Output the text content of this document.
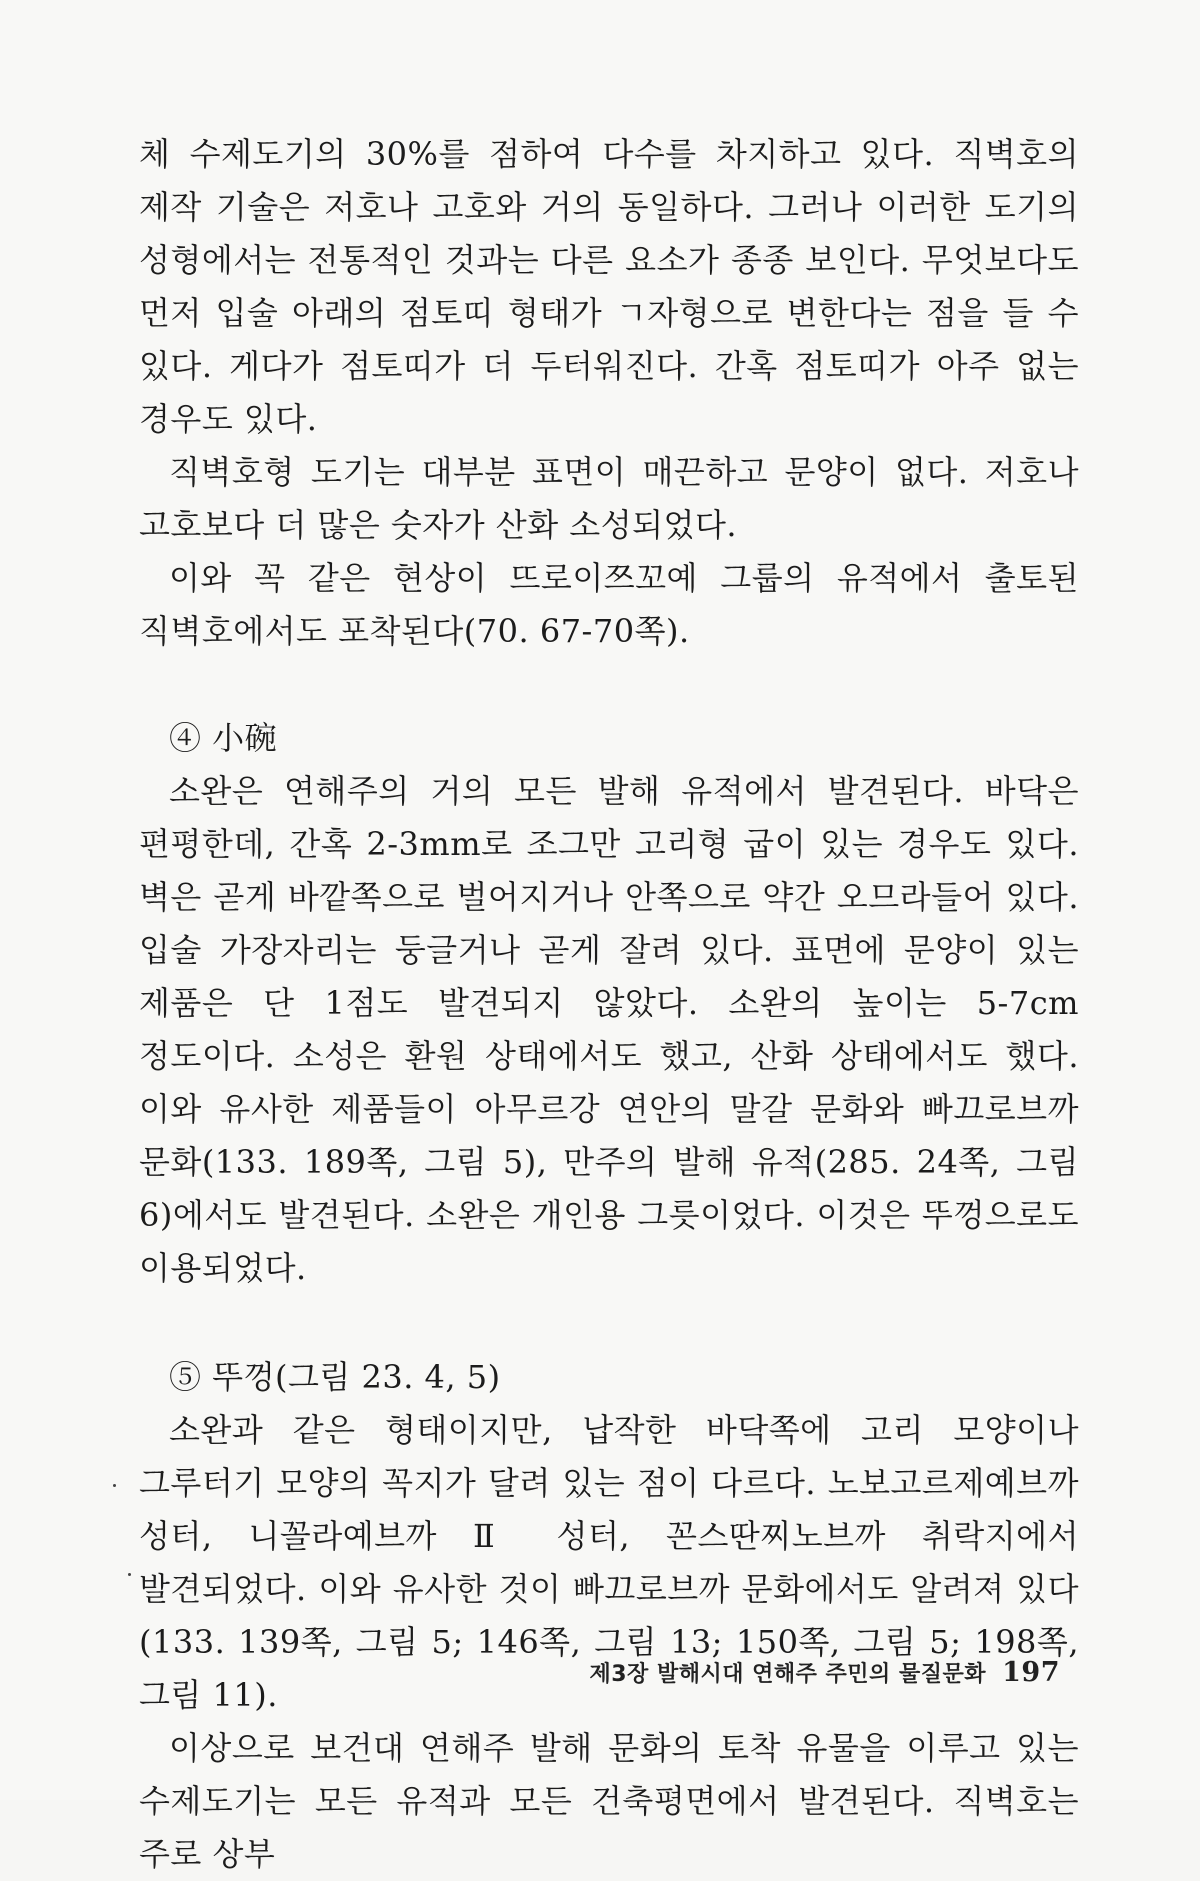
체 수제도기의 30%를 점하여 다수를 차지하고 있다. 직벽호의 제작 기술은 저호나 고호와 거의 동일하다. 그러나 이러한 도기의 성형에서는 전통적인 것과는 다른 요소가 종종 보인다. 무엇보다도 먼저 입술 아래의 점토띠 형태가 ㄱ자형으로 변한다는 점을 들 수 있다. 게다가 점토띠가 더 두터워진다. 간혹 점토띠가 아주 없는 경우도 있다.

직벽호형 도기는 대부분 표면이 매끈하고 문양이 없다. 저호나 고호보다 더 많은 숫자가 산화 소성되었다.

이와 꼭 같은 현상이 뜨로이쯔꼬예 그룹의 유적에서 출토된 직벽호에서도 포착된다(70. 67-70쪽).

④ 小碗

소완은 연해주의 거의 모든 발해 유적에서 발견된다. 바닥은 편평한데, 간혹 2-3mm로 조그만 고리형 굽이 있는 경우도 있다. 벽은 곧게 바깥쪽으로 벌어지거나 안쪽으로 약간 오므라들어 있다. 입술 가장자리는 둥글거나 곧게 잘려 있다. 표면에 문양이 있는 제품은 단 1점도 발견되지 않았다. 소완의 높이는 5-7cm 정도이다. 소성은 환원 상태에서도 했고, 산화 상태에서도 했다. 이와 유사한 제품들이 아무르강 연안의 말갈 문화와 빠끄로브까 문화(133. 189쪽, 그림 5), 만주의 발해 유적(285. 24쪽, 그림 6)에서도 발견된다. 소완은 개인용 그릇이었다. 이것은 뚜껑으로도 이용되었다.

⑤ 뚜껑(그림 23. 4, 5)

소완과 같은 형태이지만, 납작한 바닥쪽에 고리 모양이나 그루터기 모양의 꼭지가 달려 있는 점이 다르다. 노보고르제예브까 성터, 니꼴라예브까 Ⅱ 성터, 꼰스딴찌노브까 취락지에서 발견되었다. 이와 유사한 것이 빠끄로브까 문화에서도 알려져 있다(133. 139쪽, 그림 5; 146쪽, 그림 13; 150쪽, 그림 5; 198쪽, 그림 11).

이상으로 보건대 연해주 발해 문화의 토착 유물을 이루고 있는 수제도기는 모든 유적과 모든 건축평면에서 발견된다. 직벽호는 주로 상부

제3장 발해시대 연해주 주민의 물질문화 197
